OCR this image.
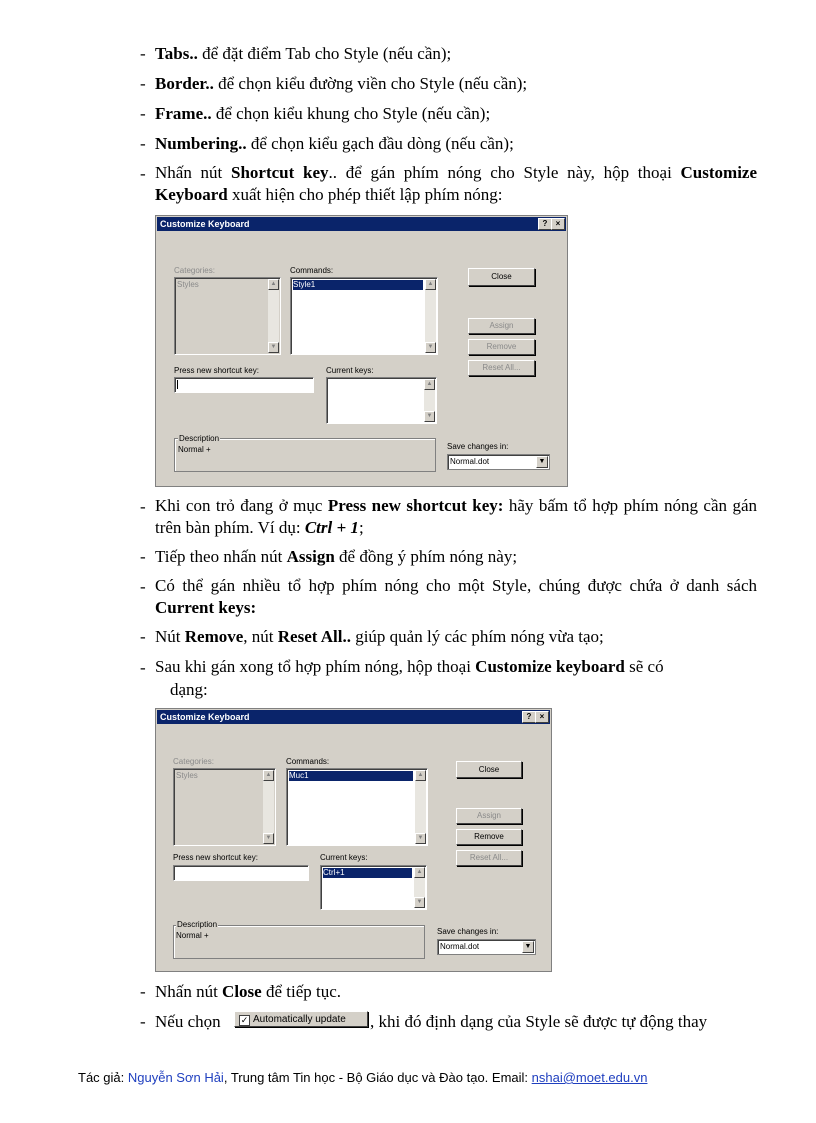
- Tabs.. để đặt điểm Tab cho Style (nếu cần);
- Border.. để chọn kiểu đường viền cho Style (nếu cần);
- Frame.. để chọn kiểu khung cho Style (nếu cần);
- Numbering.. để chọn kiểu gạch đầu dòng (nếu cần);
- Nhấn nút Shortcut key.. để gán phím nóng cho Style này, hộp thoại Customize Keyboard xuất hiện cho phép thiết lập phím nóng:
Customize Keyboard	?	×
Categories:
Styles	▲
▼
Commands:
Style1	▲
▼
Close
Assign
Remove
Reset All...
Press new shortcut key:	Current keys:
▲
▼
Description
Normal +	Save changes in:
Normal.dot	▼
- Khi con trỏ đang ở mục Press new shortcut key: hãy bấm tổ hợp phím nóng cần gán trên bàn phím. Ví dụ: Ctrl + 1;
- Tiếp theo nhấn nút Assign để đồng ý phím nóng này;
- Có thể gán nhiều tổ hợp phím nóng cho một Style, chúng được chứa ở danh sách Current keys:
- Nút Remove, nút Reset All.. giúp quản lý các phím nóng vừa tạo;
- Sau khi gán xong tổ hợp phím nóng, hộp thoại Customize keyboard sẽ có
dạng:
Customize Keyboard	?	×
Categories:
Styles	▲
▼
Commands:
Muc1	▲
▼
Close
Assign
Remove
Reset All...
Press new shortcut key:	Current keys:
Ctrl+1	▲
▼
Description
Normal +	Save changes in:
Normal.dot	▼
- Nhấn nút Close để tiếp tục.
- Nếu chọn ✓ Automatically update , khi đó định dạng của Style sẽ được tự động thay
Tác giả: Nguyễn Sơn Hải, Trung tâm Tin học - Bộ Giáo dục và Đào tạo. Email: nshai@moet.edu.vn
